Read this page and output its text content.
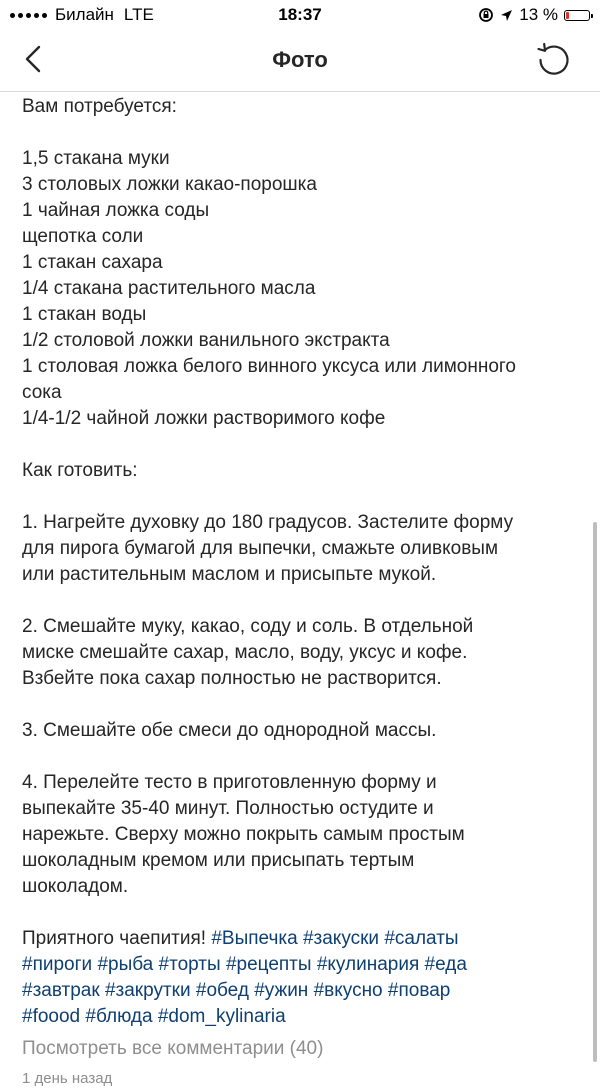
Билайн LTE	18:37	13 %
Фото
Вам потребуется:
1,5 стакана муки
3 столовых ложки какао-порошка
1 чайная ложка соды
щепотка соли
1 стакан сахара
1/4 стакана растительного масла
1 стакан воды
1/2 столовой ложки ванильного экстракта
1 столовая ложка белого винного уксуса или лимонного
сока
1/4-1/2 чайной ложки растворимого кофе
Как готовить:
1. Нагрейте духовку до 180 градусов. Застелите форму
для пирога бумагой для выпечки, смажьте оливковым
или растительным маслом и присыпьте мукой.
2. Смешайте муку, какао, соду и соль. В отдельной
миске смешайте сахар, масло, воду, уксус и кофе.
Взбейте пока сахар полностью не растворится.
3. Смешайте обе смеси до однородной массы.
4. Перелейте тесто в приготовленную форму и
выпекайте 35-40 минут. Полностью остудите и
нарежьте. Сверху можно покрыть самым простым
шоколадным кремом или присыпать тертым
шоколадом.
Приятного чаепития! #Выпечка #закуски #салаты
#пироги #рыба #торты #рецепты #кулинария #еда
#завтрак #закрутки #обед #ужин #вкусно #повар
#foood #блюда #dom_kylinaria
Посмотреть все комментарии (40)
1 день назад
